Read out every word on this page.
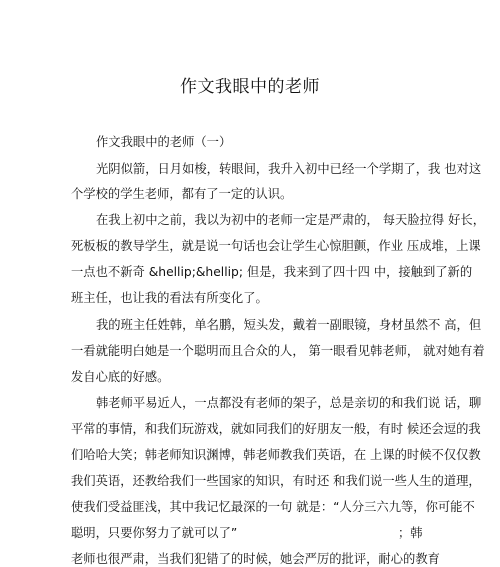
作文我眼中的老师
作文我眼中的老师（一）
光阴似箭，日月如梭，转眼间，我升入初中已经一个学期了，我 也对这
个学校的学生老师，都有了一定的认识。
在我上初中之前，我以为初中的老师一定是严肃的， 每天脸拉得 好长，
死板板的教导学生，就是说一句话也会让学生心惊胆颤，作业 压成堆，上课
一点也不新奇 &hellip;&hellip; 但是，我来到了四十四 中，接触到了新的
班主任，也让我的看法有所变化了。
我的班主任姓韩，单名鹏，短头发，戴着一副眼镜，身材虽然不 高，但
一看就能明白她是一个聪明而且合众的人， 第一眼看见韩老师， 就对她有着
发自心底的好感。
韩老师平易近人，一点都没有老师的架子，总是亲切的和我们说 话，聊
平常的事情，和我们玩游戏，就如同我们的好朋友一般，有时 候还会逗的我
们哈哈大笑；韩老师知识渊博，韩老师教我们英语，在 上课的时候不仅仅教
我们英语，还教给我们一些国家的知识，有时还 和我们说一些人生的道理，
使我们受益匪浅，其中我记忆最深的一句 就是：“人分三六九等，你可能不
聪明，只要你努力了就可以了”	；韩
老师也很严肃，当我们犯错了的时候，她会严厉的批评，耐心的教育
